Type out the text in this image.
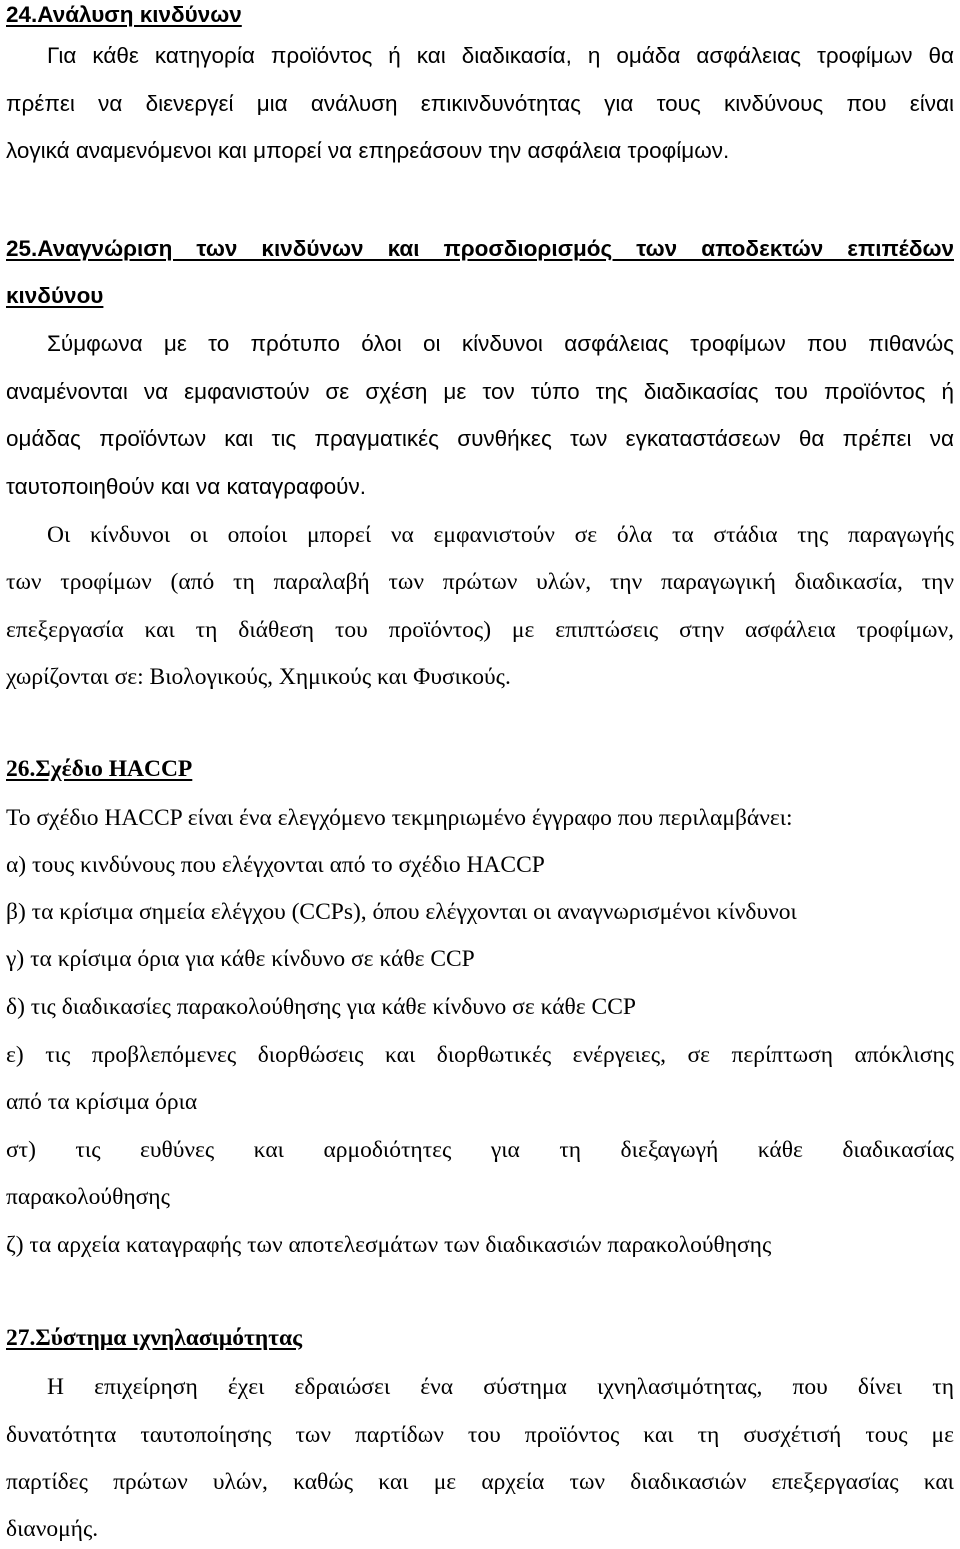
24.Ανάλυση κινδύνων
Για κάθε κατηγορία προϊόντος ή και διαδικασία, η ομάδα ασφάλειας τροφίμων θα
πρέπει να διενεργεί μια ανάλυση επικινδυνότητας για τους κινδύνους που είναι
λογικά αναμενόμενοι και μπορεί να επηρεάσουν την ασφάλεια τροφίμων.
25.Αναγνώριση των κινδύνων και προσδιορισμός των αποδεκτών επιπέδων
κινδύνου
Σύμφωνα με το πρότυπο όλοι οι κίνδυνοι ασφάλειας τροφίμων που πιθανώς
αναμένονται να εμφανιστούν σε σχέση με τον τύπο της διαδικασίας του προϊόντος ή
ομάδας προϊόντων και τις πραγματικές συνθήκες των εγκαταστάσεων θα πρέπει να
ταυτοποιηθούν και να καταγραφούν.
Οι κίνδυνοι οι οποίοι μπορεί να εμφανιστούν σε όλα τα στάδια της παραγωγής
των τροφίμων (από τη παραλαβή των πρώτων υλών, την παραγωγική διαδικασία, την
επεξεργασία και τη διάθεση του προϊόντος) με επιπτώσεις στην ασφάλεια τροφίμων,
χωρίζονται σε: Βιολογικούς, Χημικούς και Φυσικούς.
26.Σχέδιο HACCP
Το σχέδιο HACCP είναι ένα ελεγχόμενο τεκμηριωμένο έγγραφο που περιλαμβάνει:
α) τους κινδύνους που ελέγχονται από το σχέδιο HACCP
β) τα κρίσιμα σημεία ελέγχου (CCPs), όπου ελέγχονται οι αναγνωρισμένοι κίνδυνοι
γ) τα κρίσιμα όρια για κάθε κίνδυνο σε κάθε CCP
δ) τις διαδικασίες παρακολούθησης για κάθε κίνδυνο σε κάθε CCP
ε) τις προβλεπόμενες διορθώσεις και διορθωτικές ενέργειες, σε περίπτωση απόκλισης
από τα κρίσιμα όρια
στ) τις ευθύνες και αρμοδιότητες για τη διεξαγωγή κάθε διαδικασίας
παρακολούθησης
ζ) τα αρχεία καταγραφής των αποτελεσμάτων των διαδικασιών παρακολούθησης
27.Σύστημα ιχνηλασιμότητας
Η επιχείρηση έχει εδραιώσει ένα σύστημα ιχνηλασιμότητας, που δίνει τη
δυνατότητα ταυτοποίησης των παρτίδων του προϊόντος και τη συσχέτισή τους με
παρτίδες πρώτων υλών, καθώς και με αρχεία των διαδικασιών επεξεργασίας και
διανομής.
